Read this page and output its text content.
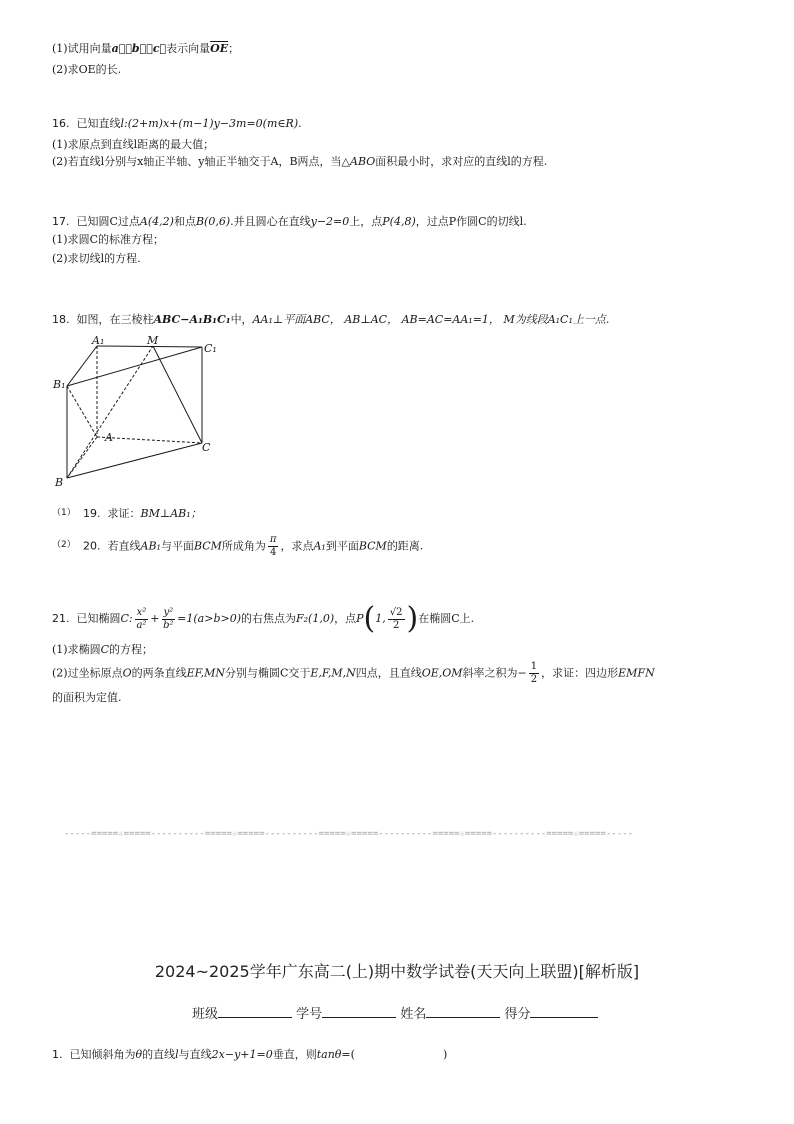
(1)试用向量a⃗，b⃗，c⃗表示向量$\overline{OE}$；
(2)求OE的长.
16. 已知直线l:(2+m)x+(m−1)y−3m=0(m∈R).
(1)求原点到直线l距离的最大值；
(2)若直线l分别与x轴正半轴、y轴正半轴交于A，B两点，当△ABO面积最小时，求对应的直线l的方程.
17. 已知圆C过点A(4,2)和点B(0,6).并且圆心在直线y−2=0上，点P(4,8)，过点P作圆C的切线l.
(1)求圆C的标准方程；
(2)求切线l的方程.
18. 如图，在三棱柱ABC−A₁B₁C₁中，AA₁⊥平面ABC， AB⊥AC， AB=AC=AA₁=1， M为线段A₁C₁上一点.
A₁	M
C₁
B₁
A
C
B
（1） 19. 求证：BM⊥AB₁；
（2） 20. 若直线AB₁与平面BCM所成角为 $\frac{\pi}{4}$ ，求点A₁到平面BCM的距离.
21. 已知椭圆C: $\frac{\text{x²}}{\text{a²}} + \frac{\text{y²}}{\text{b²}} =1(a>b>0)$的右焦点为F₂(1,0)，点P(1, $\frac{√2}{2}$ )在椭圆C上.
(1)求椭圆C的方程；
(2)过坐标原点O的两条直线EF,MN分别与椭圆C交于E,F,M,N四点，且直线OE,OM斜率之积为− $\frac{1}{2}$ ，求证：四边形EMFN
的面积为定值.
-----=====☆=====----------=====☆=====----------=====☆=====----------=====☆=====----------=====☆=====-----
2024~2025学年广东高二(上)期中数学试卷(天天向上联盟)[解析版]
班级	学号	姓名	得分
1. 已知倾斜角为θ的直线l与直线2x−y+1=0垂直，则tanθ=(	)
